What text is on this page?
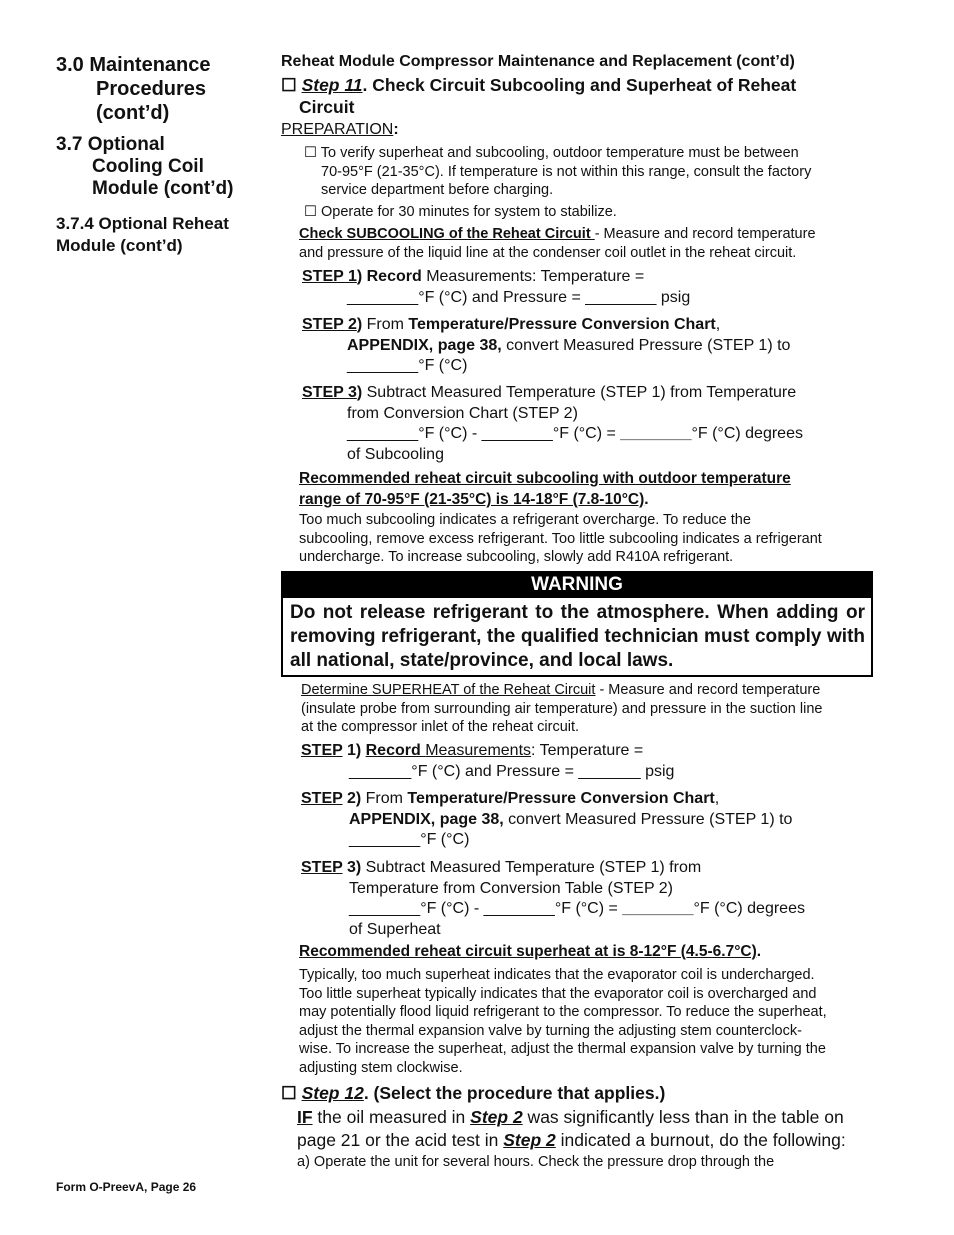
3.0 Maintenance
Procedures
(cont’d)
3.7 Optional
Cooling Coil
Module (cont’d)
3.7.4 Optional Reheat
Module (cont’d)
Reheat Module Compressor Maintenance and Replacement (cont’d)
☐ Step 11. Check Circuit Subcooling and Superheat of Reheat
Circuit
PREPARATION:
☐ To verify superheat and subcooling, outdoor temperature must be between
70-95°F (21-35°C). If temperature is not within this range, consult the factory
service department before charging.
☐ Operate for 30 minutes for system to stabilize.
Check SUBCOOLING of the Reheat Circuit - Measure and record temperature
and pressure of the liquid line at the condenser coil outlet in the reheat circuit.
STEP 1) Record Measurements: Temperature =
________°F (°C) and Pressure = ________ psig
STEP 2) From Temperature/Pressure Conversion Chart,
APPENDIX, page 38, convert Measured Pressure (STEP 1) to
________°F (°C)
STEP 3) Subtract Measured Temperature (STEP 1) from Temperature
from Conversion Chart (STEP 2)
________°F (°C) - ________°F (°C) = ________°F (°C) degrees
of Subcooling
Recommended reheat circuit subcooling with outdoor temperature
range of 70-95°F (21-35°C) is 14-18°F (7.8-10°C).
Too much subcooling indicates a refrigerant overcharge. To reduce the
subcooling, remove excess refrigerant. Too little subcooling indicates a refrigerant
undercharge. To increase subcooling, slowly add R410A refrigerant.
WARNING
Do not release refrigerant to the atmosphere. When adding or removing refrigerant, the qualified technician must comply with all national, state/province, and local laws.
Determine SUPERHEAT of the Reheat Circuit - Measure and record temperature
(insulate probe from surrounding air temperature) and pressure in the suction line
at the compressor inlet of the reheat circuit.
STEP 1) Record Measurements: Temperature =
_______°F (°C) and Pressure = _______ psig
STEP 2) From Temperature/Pressure Conversion Chart,
APPENDIX, page 38, convert Measured Pressure (STEP 1) to
________°F (°C)
STEP 3) Subtract Measured Temperature (STEP 1) from
Temperature from Conversion Table (STEP 2)
________°F (°C) - ________°F (°C) = ________°F (°C) degrees
of Superheat
Recommended reheat circuit superheat at is 8-12°F (4.5-6.7°C).
Typically, too much superheat indicates that the evaporator coil is undercharged.
Too little superheat typically indicates that the evaporator coil is overcharged and
may potentially flood liquid refrigerant to the compressor. To reduce the superheat,
adjust the thermal expansion valve by turning the adjusting stem counterclock-
wise. To increase the superheat, adjust the thermal expansion valve by turning the
adjusting stem clockwise.
☐ Step 12. (Select the procedure that applies.)
IF the oil measured in Step 2 was significantly less than in the table on
page 21 or the acid test in Step 2 indicated a burnout, do the following:
a) Operate the unit for several hours. Check the pressure drop through the
Form O-PreevA, Page 26
